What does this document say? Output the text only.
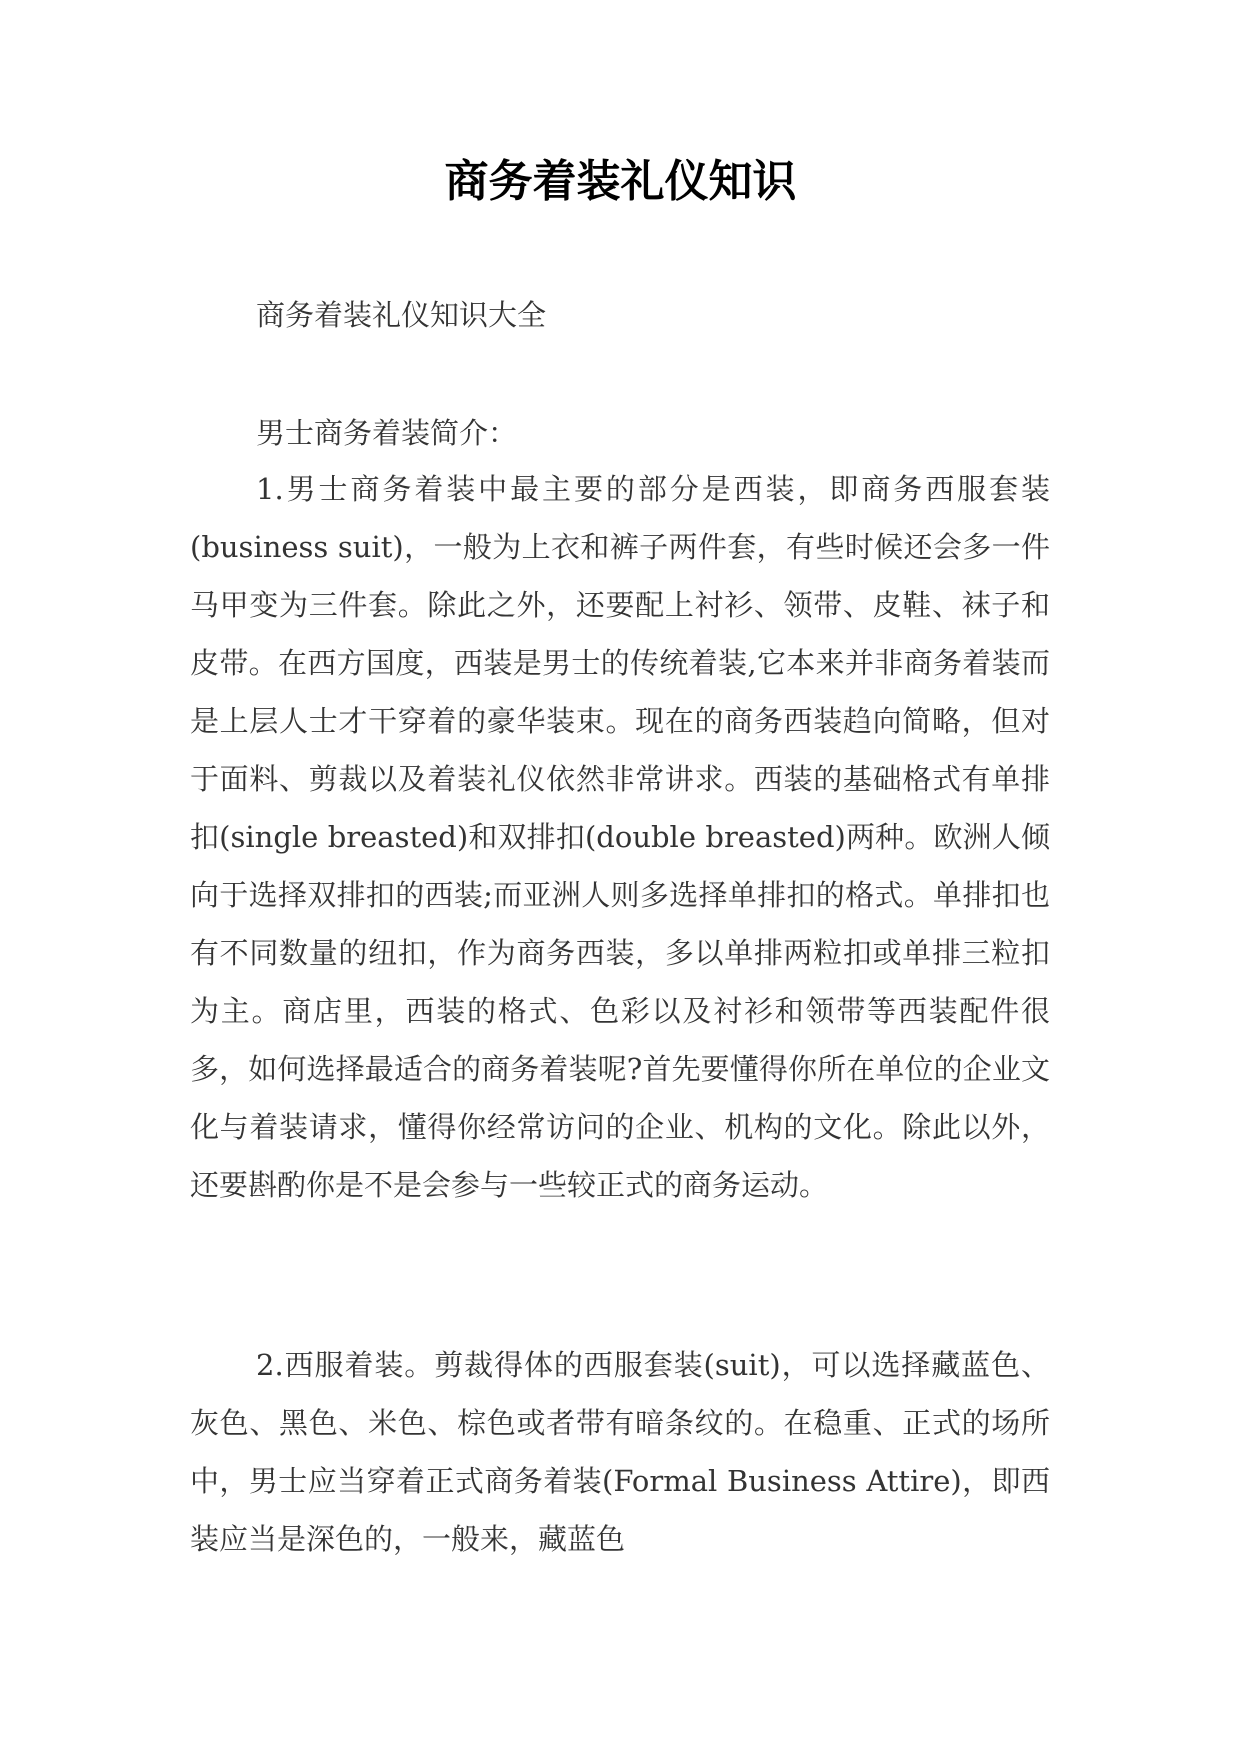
商务着装礼仪知识

商务着装礼仪知识大全

男士商务着装简介：

1.男士商务着装中最主要的部分是西装，即商务西服套装(business suit)，一般为上衣和裤子两件套，有些时候还会多一件马甲变为三件套。除此之外，还要配上衬衫、领带、皮鞋、袜子和皮带。在西方国度，西装是男士的传统着装,它本来并非商务着装而是上层人士才干穿着的豪华装束。现在的商务西装趋向简略，但对于面料、剪裁以及着装礼仪依然非常讲求。西装的基础格式有单排扣(single breasted)和双排扣(double breasted)两种。欧洲人倾向于选择双排扣的西装;而亚洲人则多选择单排扣的格式。单排扣也有不同数量的纽扣，作为商务西装，多以单排两粒扣或单排三粒扣为主。商店里，西装的格式、色彩以及衬衫和领带等西装配件很多，如何选择最适合的商务着装呢?首先要懂得你所在单位的企业文化与着装请求，懂得你经常访问的企业、机构的文化。除此以外，还要斟酌你是不是会参与一些较正式的商务运动。

2.西服着装。剪裁得体的西服套装(suit)，可以选择藏蓝色、灰色、黑色、米色、棕色或者带有暗条纹的。在稳重、正式的场所中，男士应当穿着正式商务着装(Formal Business Attire)，即西装应当是深色的，一般来，藏蓝色
